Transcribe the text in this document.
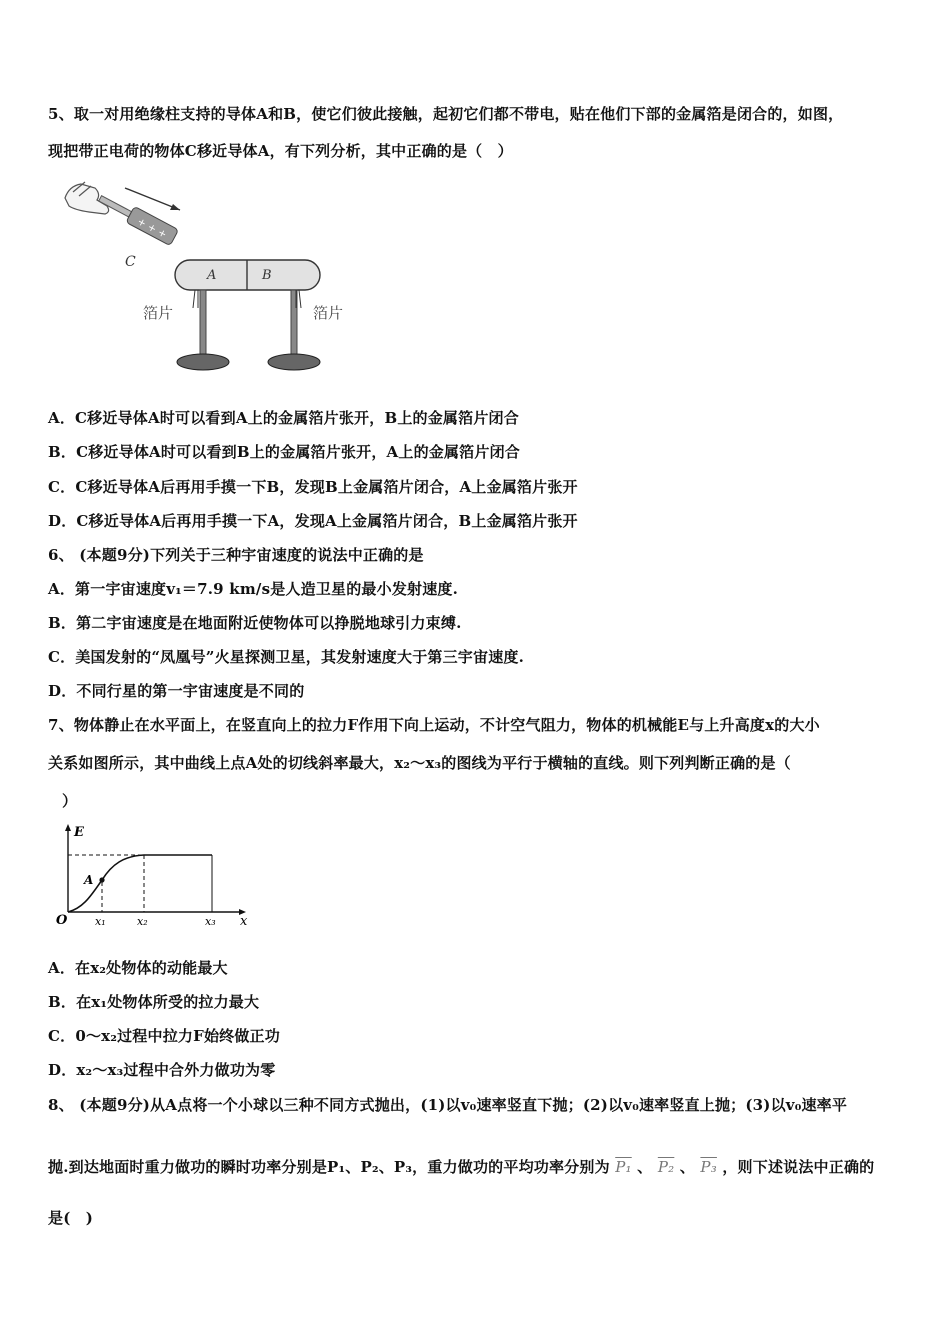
5、取一对用绝缘柱支持的导体A和B，使它们彼此接触，起初它们都不带电，贴在他们下部的金属箔是闭合的，如图，
现把带正电荷的物体C移近导体A，有下列分析，其中正确的是（　）
+ + +
C
A	B
箔片	箔片
A．C移近导体A时可以看到A上的金属箔片张开，B上的金属箔片闭合
B．C移近导体A时可以看到B上的金属箔片张开，A上的金属箔片闭合
C．C移近导体A后再用手摸一下B，发现B上金属箔片闭合，A上金属箔片张开
D．C移近导体A后再用手摸一下A，发现A上金属箔片闭合，B上金属箔片张开
6、 (本题9分)下列关于三种宇宙速度的说法中正确的是
A．第一宇宙速度v₁＝7.9 km/s是人造卫星的最小发射速度.
B．第二宇宙速度是在地面附近使物体可以挣脱地球引力束缚.
C．美国发射的“凤凰号”火星探测卫星，其发射速度大于第三宇宙速度.
D．不同行星的第一宇宙速度是不同的
7、物体静止在水平面上，在竖直向上的拉力F作用下向上运动，不计空气阻力，物体的机械能E与上升高度x的大小
关系如图所示，其中曲线上点A处的切线斜率最大，x₂～x₃的图线为平行于横轴的直线。则下列判断正确的是（
）
E
x
O
A
x₁	x₂	x₃
A．在x₂处物体的动能最大
B．在x₁处物体所受的拉力最大
C．0～x₂过程中拉力F始终做正功
D．x₂～x₃过程中合外力做功为零
8、 (本题9分)从A点将一个小球以三种不同方式抛出，(1)以v₀速率竖直下抛；(2)以v₀速率竖直上抛；(3)以v₀速率平
抛.到达地面时重力做功的瞬时功率分别是P₁、P₂、P₃，重力做功的平均功率分别为 P₁ 、 P₂ 、 P₃ ，则下述说法中正确的
是(　)
